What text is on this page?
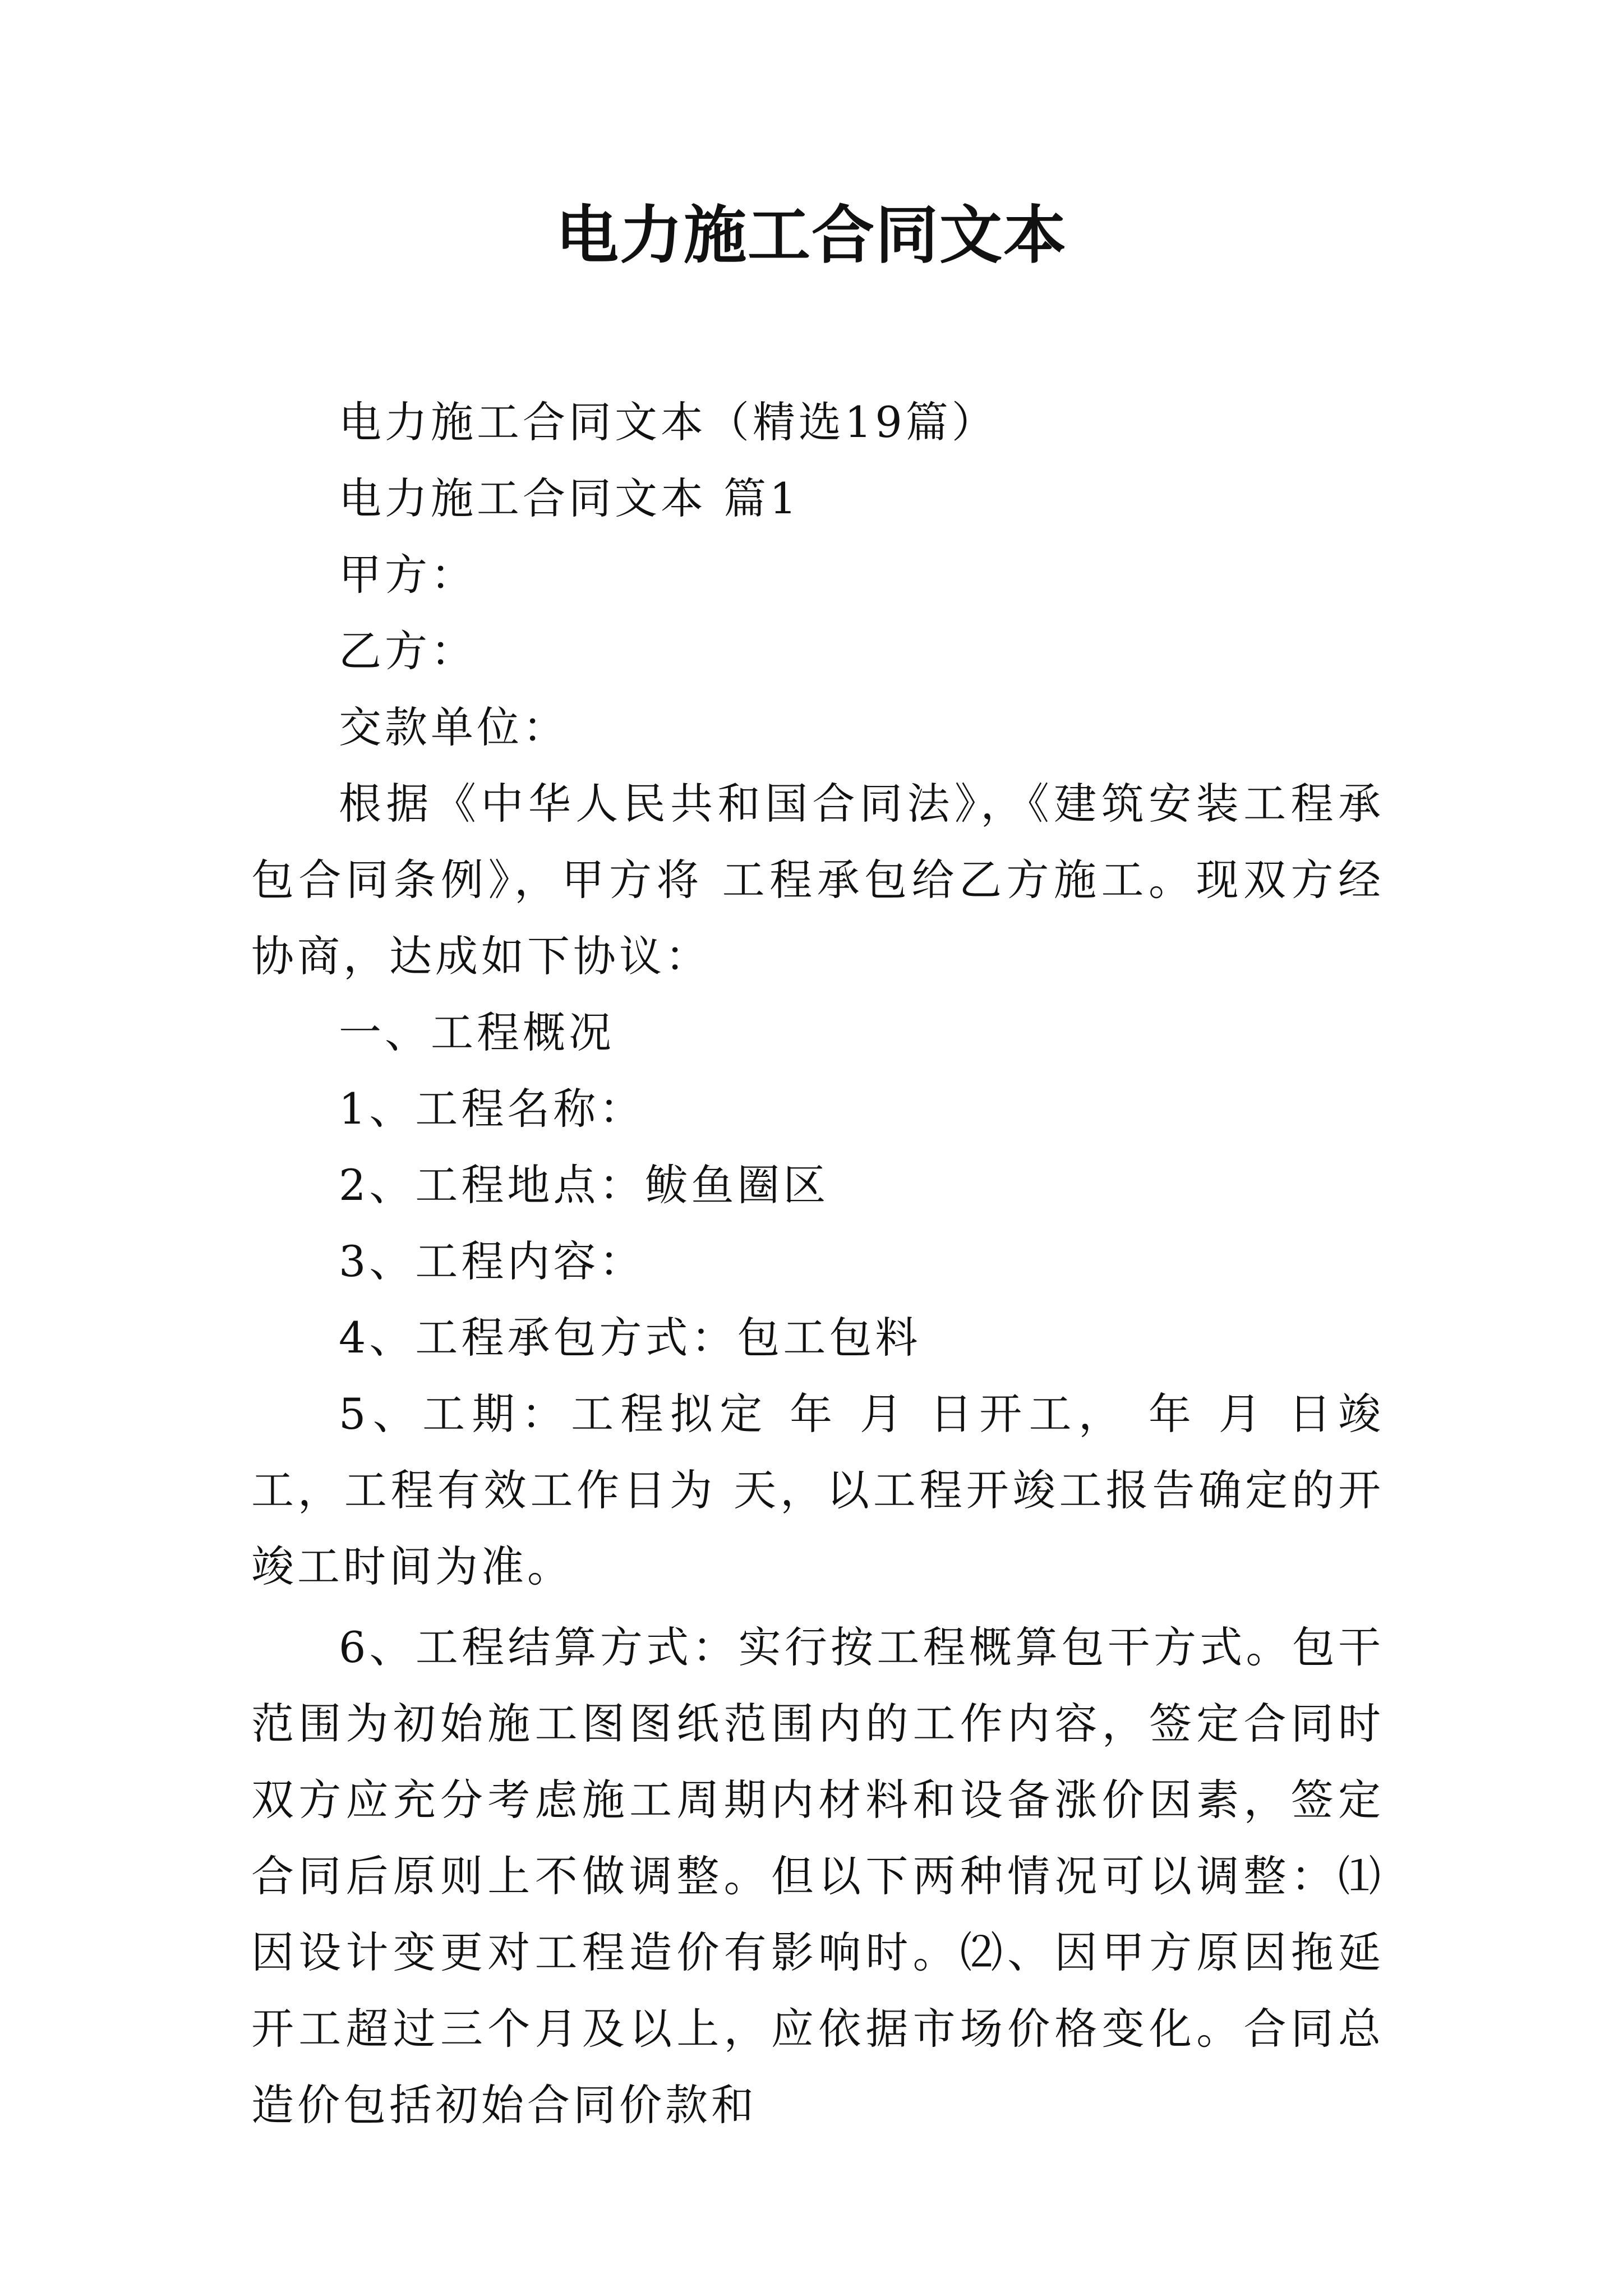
电力施工合同文本

电力施工合同文本（精选19篇）

电力施工合同文本 篇1

甲方：

乙方：

交款单位：

根据《中华人民共和国合同法》，《建筑安装工程承包合同条例》，甲方将 工程承包给乙方施工。现双方经协商，达成如下协议：

一、工程概况

1、工程名称：

2、工程地点：鲅鱼圈区

3、工程内容：

4、工程承包方式：包工包料

5、工期：工程拟定 年 月 日开工， 年 月 日竣工，工程有效工作日为 天，以工程开竣工报告确定的开竣工时间为准。

6、工程结算方式：实行按工程概算包干方式。包干范围为初始施工图图纸范围内的工作内容，签定合同时双方应充分考虑施工周期内材料和设备涨价因素，签定合同后原则上不做调整。但以下两种情况可以调整：⑴因设计变更对工程造价有影响时。⑵、因甲方原因拖延开工超过三个月及以上，应依据市场价格变化。合同总造价包括初始合同价款和
